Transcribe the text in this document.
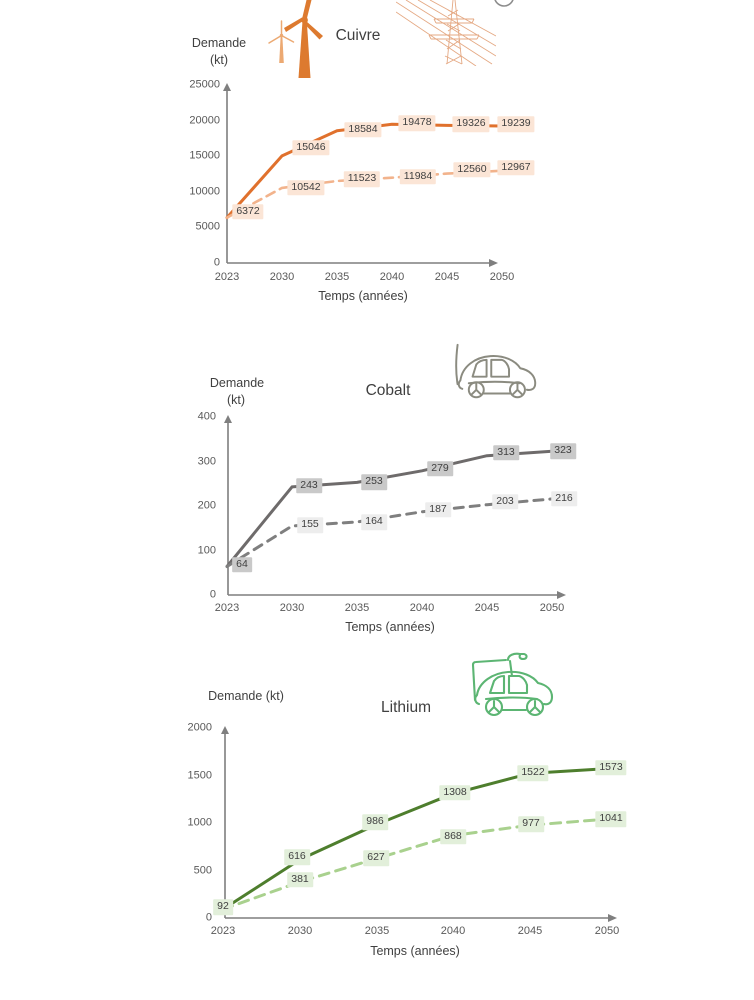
Demande
(kt)
Cuivre
Demande
(kt)
Cobalt
Demande (kt)
Lithium
Temps (années)
Temps (années)
Temps (années)
0
5000
10000
15000
20000
25000
2023	2030	2035	2040	2045	2050
6372
15046
18584
19478	19326	19239
10542
11523	11984
12560	12967
0
100
200
300
400
2023	2030	2035	2040	2045	2050
64
243	253
279
313	323
155	164
187
203	216
0
500
1000
1500
2000
2023	2030	2035	2040	2045	2050
92
616
986
1308
1522	1573
381
627
868
977	1041
